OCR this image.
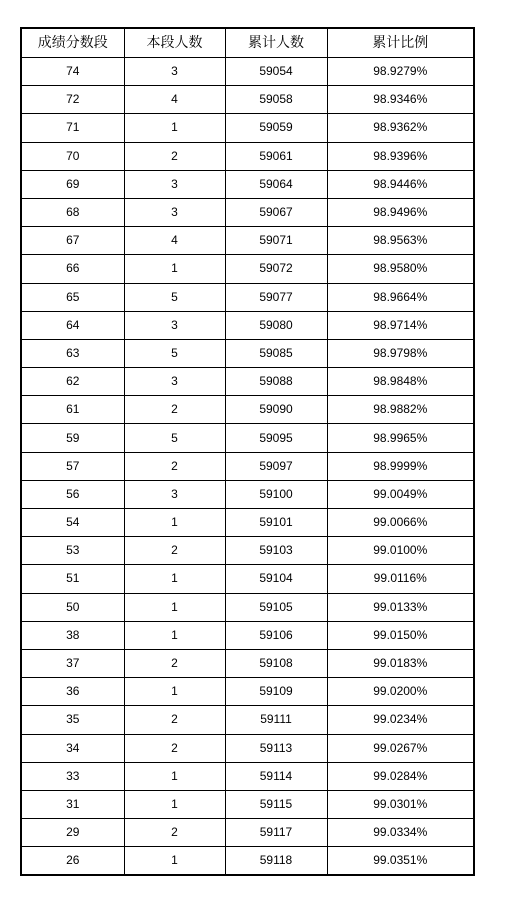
成绩分数段	本段人数	累计人数	累计比例
74	3	59054	98.9279%
72	4	59058	98.9346%
71	1	59059	98.9362%
70	2	59061	98.9396%
69	3	59064	98.9446%
68	3	59067	98.9496%
67	4	59071	98.9563%
66	1	59072	98.9580%
65	5	59077	98.9664%
64	3	59080	98.9714%
63	5	59085	98.9798%
62	3	59088	98.9848%
61	2	59090	98.9882%
59	5	59095	98.9965%
57	2	59097	98.9999%
56	3	59100	99.0049%
54	1	59101	99.0066%
53	2	59103	99.0100%
51	1	59104	99.0116%
50	1	59105	99.0133%
38	1	59106	99.0150%
37	2	59108	99.0183%
36	1	59109	99.0200%
35	2	59111	99.0234%
34	2	59113	99.0267%
33	1	59114	99.0284%
31	1	59115	99.0301%
29	2	59117	99.0334%
26	1	59118	99.0351%
